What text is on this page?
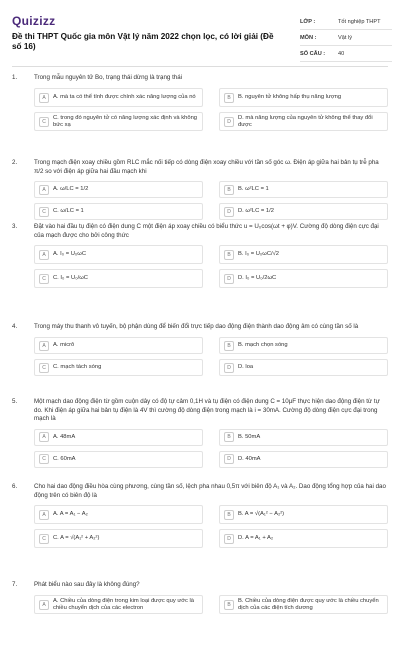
Quizizz
Đề thi THPT Quốc gia môn Vật lý năm 2022 chọn lọc, có lời giải (Đề số 16)
LỚP :	Tốt nghiệp THPT
MÔN :	Vật lý
SỐ CÂU :	40
1.	Trong mẫu nguyên tử Bo, trạng thái dừng là trạng thái
A	A. mà ta có thể tính được chính xác năng lượng của nó	B	B. nguyên tử không hấp thụ năng lượng
C
C. trong đó nguyên tử có năng lượng xác định và không bức xạ	D
D. mà năng lượng của nguyên tử không thể thay đổi được
2.	Trong mạch điện xoay chiều gồm RLC mắc nối tiếp có dòng điện xoay chiều với tần số góc ω. Điện áp giữa hai bản tụ trễ pha π/2 so với điện áp giữa hai đầu mạch khi
A	A. ω/LC = 1/2	B	B. ω²LC = 1
C	C. ω/LC = 1	D	D. ω²LC = 1/2
3.	Đặt vào hai đầu tụ điện có điện dung C một điện áp xoay chiều có biểu thức u = U₀cos(ωt + φ)V. Cường độ dòng điện cực đại của mạch được cho bởi công thức
A	A. I₀ = U₀ωC	B	B. I₀ = U₀ωC/√2
C	C. I₀ = U₀/ωC	D	D. I₀ = U₀/2ωC
4.	Trong máy thu thanh vô tuyến, bộ phận dùng để biến đổi trực tiếp dao động điện thành dao động âm có cùng tần số là
A	A. micrô	B	B. mạch chọn sóng
C	C. mạch tách sóng	D	D. loa
5.	Một mạch dao động điện từ gồm cuộn dây có độ tự cảm 0,1H và tụ điện có điện dung C = 10μF thực hiện dao động điện từ tự do. Khi điện áp giữa hai bản tụ điện là 4V thì cường độ dòng điện trong mạch là i = 30mA. Cường độ dòng điện cực đại trong mạch là
A	A. 48mA	B	B. 50mA
C	C. 60mA	D	D. 40mA
6.	Cho hai dao động điều hòa cùng phương, cùng tần số, lệch pha nhau 0,5π với biên độ A₁ và A₂. Dao động tổng hợp của hai dao động trên có biên độ là
A	A. A = A₁ − A₂	B	B. A = √(A₁² − A₂²)
C	C. A = √(A₁² + A₂²)	D	D. A = A₁ + A₂
7.	Phát biểu nào sau đây là không đúng?
A
A. Chiều của dòng điện trong kim loại được quy ước là chiều chuyển dịch của các electron	B
B. Chiều của dòng điện được quy ước là chiều chuyển dịch của các điện tích dương
